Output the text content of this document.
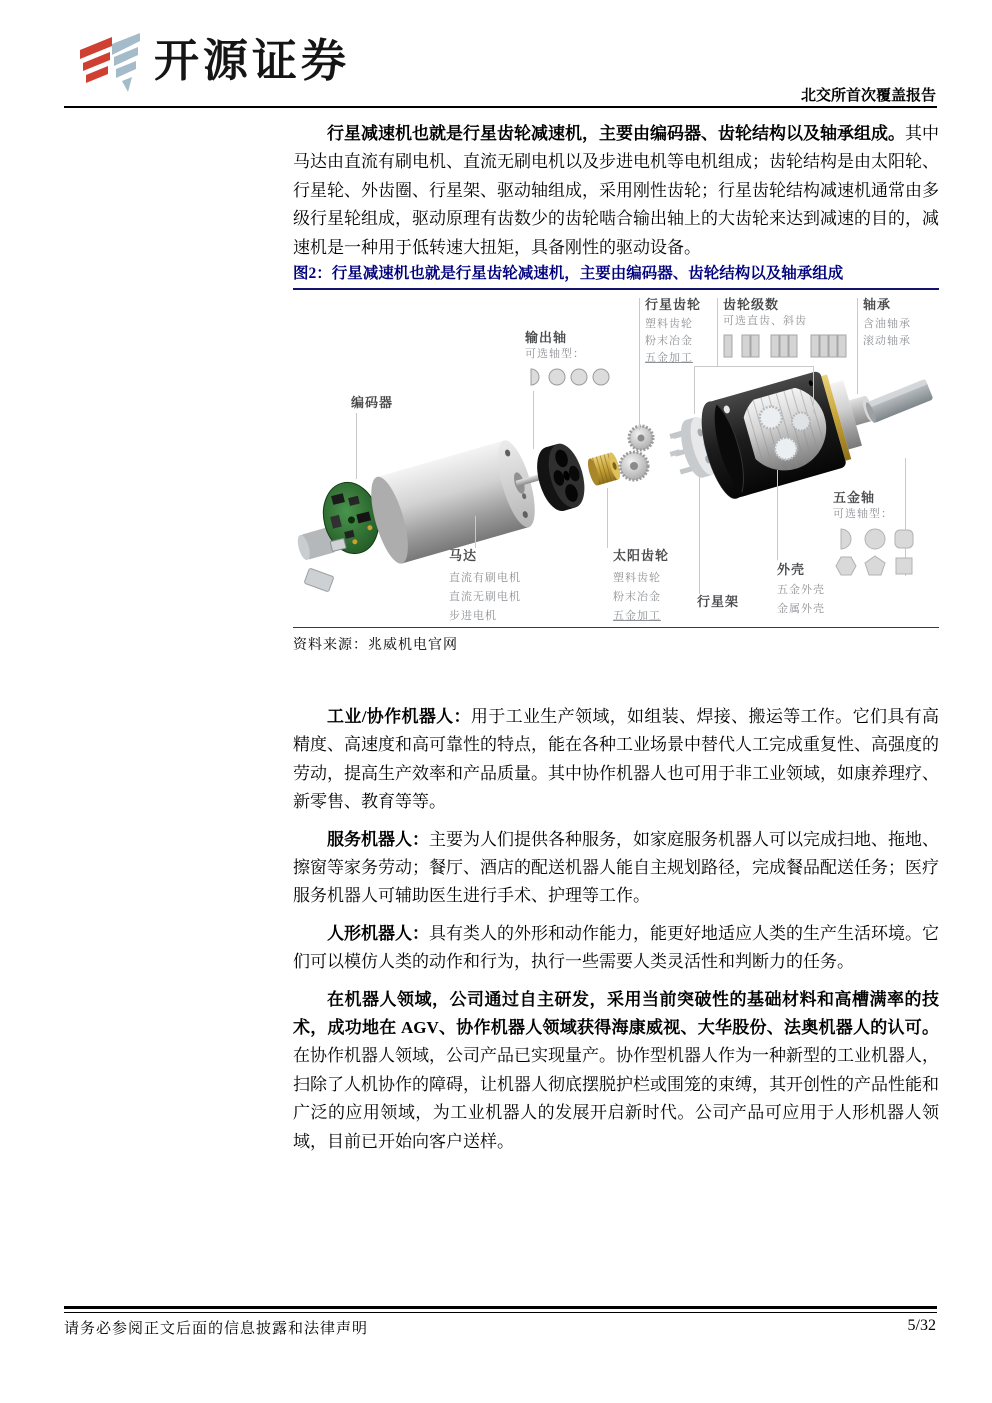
开源证券
北交所首次覆盖报告

行星减速机也就是行星齿轮减速机，主要由编码器、齿轮结构以及轴承组成。其中马达由直流有刷电机、直流无刷电机以及步进电机等电机组成；齿轮结构是由太阳轮、行星轮、外齿圈、行星架、驱动轴组成，采用刚性齿轮；行星齿轮结构减速机通常由多级行星轮组成，驱动原理有齿数少的齿轮啮合输出轴上的大齿轮来达到减速的目的，减速机是一种用于低转速大扭矩，具备刚性的驱动设备。

图2：行星减速机也就是行星齿轮减速机，主要由编码器、齿轮结构以及轴承组成
编码器
输出轴
可选轴型：
行星齿轮
塑料齿轮
粉末冶金
五金加工
齿轮级数
可选直齿、斜齿
轴承
含油轴承
滚动轴承
马达
直流有刷电机
直流无刷电机
步进电机
太阳齿轮
塑料齿轮
粉末冶金
五金加工
行星架
外壳
五金外壳
金属外壳
五金轴
可选轴型：
资料来源：兆威机电官网

工业/协作机器人：用于工业生产领域，如组装、焊接、搬运等工作。它们具有高精度、高速度和高可靠性的特点，能在各种工业场景中替代人工完成重复性、高强度的劳动，提高生产效率和产品质量。其中协作机器人也可用于非工业领域，如康养理疗、新零售、教育等等。

服务机器人：主要为人们提供各种服务，如家庭服务机器人可以完成扫地、拖地、擦窗等家务劳动；餐厅、酒店的配送机器人能自主规划路径，完成餐品配送任务；医疗服务机器人可辅助医生进行手术、护理等工作。

人形机器人：具有类人的外形和动作能力，能更好地适应人类的生产生活环境。它们可以模仿人类的动作和行为，执行一些需要人类灵活性和判断力的任务。

在机器人领域，公司通过自主研发，采用当前突破性的基础材料和高槽满率的技术，成功地在 AGV、协作机器人领域获得海康威视、大华股份、法奥机器人的认可。在协作机器人领域，公司产品已实现量产。协作型机器人作为一种新型的工业机器人，扫除了人机协作的障碍，让机器人彻底摆脱护栏或围笼的束缚，其开创性的产品性能和广泛的应用领域，为工业机器人的发展开启新时代。公司产品可应用于人形机器人领域，目前已开始向客户送样。

请务必参阅正文后面的信息披露和法律声明	5/32
